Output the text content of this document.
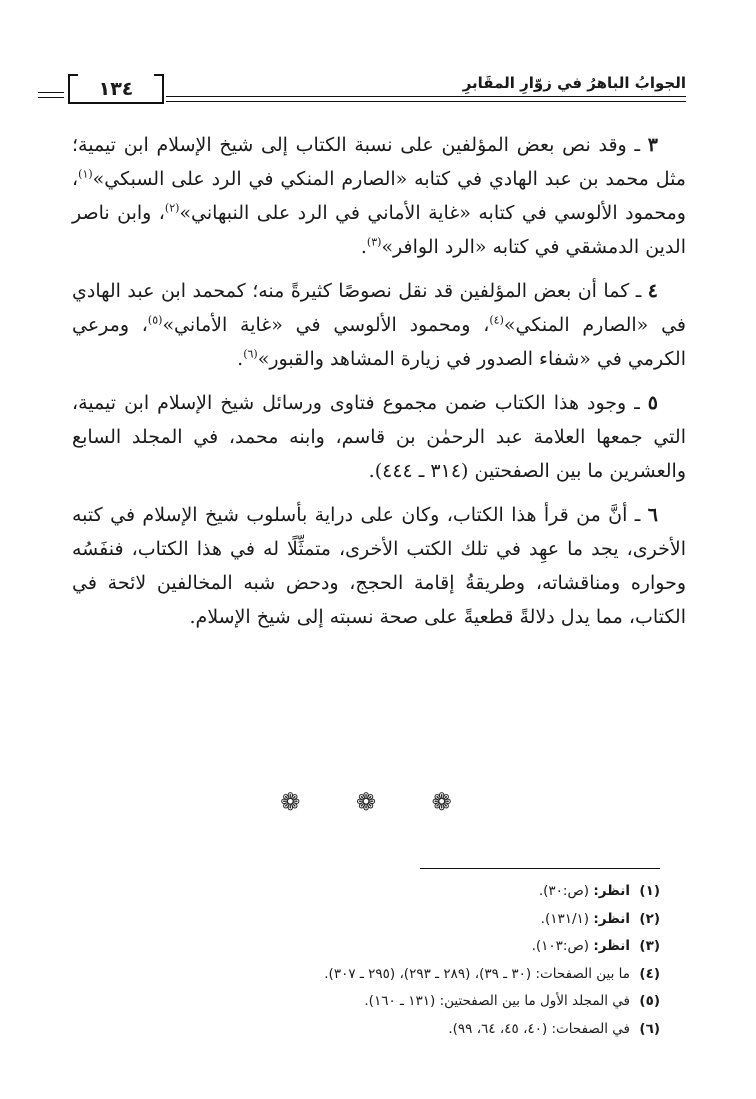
الجوابُ الباهرُ في زوّارِ المقَابرِ
١٣٤

٣ ـ وقد نص بعض المؤلفين على نسبة الكتاب إلى شيخ الإسلام ابن تيمية؛ مثل محمد بن عبد الهادي في كتابه «الصارم المنكي في الرد على السبكي»$^{(١)}$، ومحمود الألوسي في كتابه «غاية الأماني في الرد على النبهاني»$^{(٢)}$، وابن ناصر الدين الدمشقي في كتابه «الرد الوافر»$^{(٣)}$.

٤ ـ كما أن بعض المؤلفين قد نقل نصوصًا كثيرةً منه؛ كمحمد ابن عبد الهادي في «الصارم المنكي»$^{(٤)}$، ومحمود الألوسي في «غاية الأماني»$^{(٥)}$، ومرعي الكرمي في «شفاء الصدور في زيارة المشاهد والقبور»$^{(٦)}$.

٥ ـ وجود هذا الكتاب ضمن مجموع فتاوى ورسائل شيخ الإسلام ابن تيمية، التي جمعها العلامة عبد الرحمٰن بن قاسم، وابنه محمد، في المجلد السابع والعشرين ما بين الصفحتين (٣١٤ ـ ٤٤٤).

٦ ـ أنَّ من قرأ هذا الكتاب، وكان على دراية بأسلوب شيخ الإسلام في كتبه الأخرى، يجد ما عهِد في تلك الكتب الأخرى، متمثِّلًا له في هذا الكتاب، فنفَسُه وحواره ومناقشاته، وطريقةُ إقامة الحجج، ودحض شبه المخالفين لائحة في الكتاب، مما يدل دلالةً قطعيةً على صحة نسبته إلى شيخ الإسلام.

❁ ❁ ❁
(١)انظر: (ص:٣٠).
(٢)انظر: (١٣١/١).
(٣)انظر: (ص:١٠٣).
(٤)ما بين الصفحات: (٣٠ ـ ٣٩)، (٢٨٩ ـ ٢٩٣)، (٢٩٥ ـ ٣٠٧).
(٥)في المجلد الأول ما بين الصفحتين: (١٣١ ـ ١٦٠).
(٦)في الصفحات: (٤٠، ٤٥، ٦٤، ٩٩).
